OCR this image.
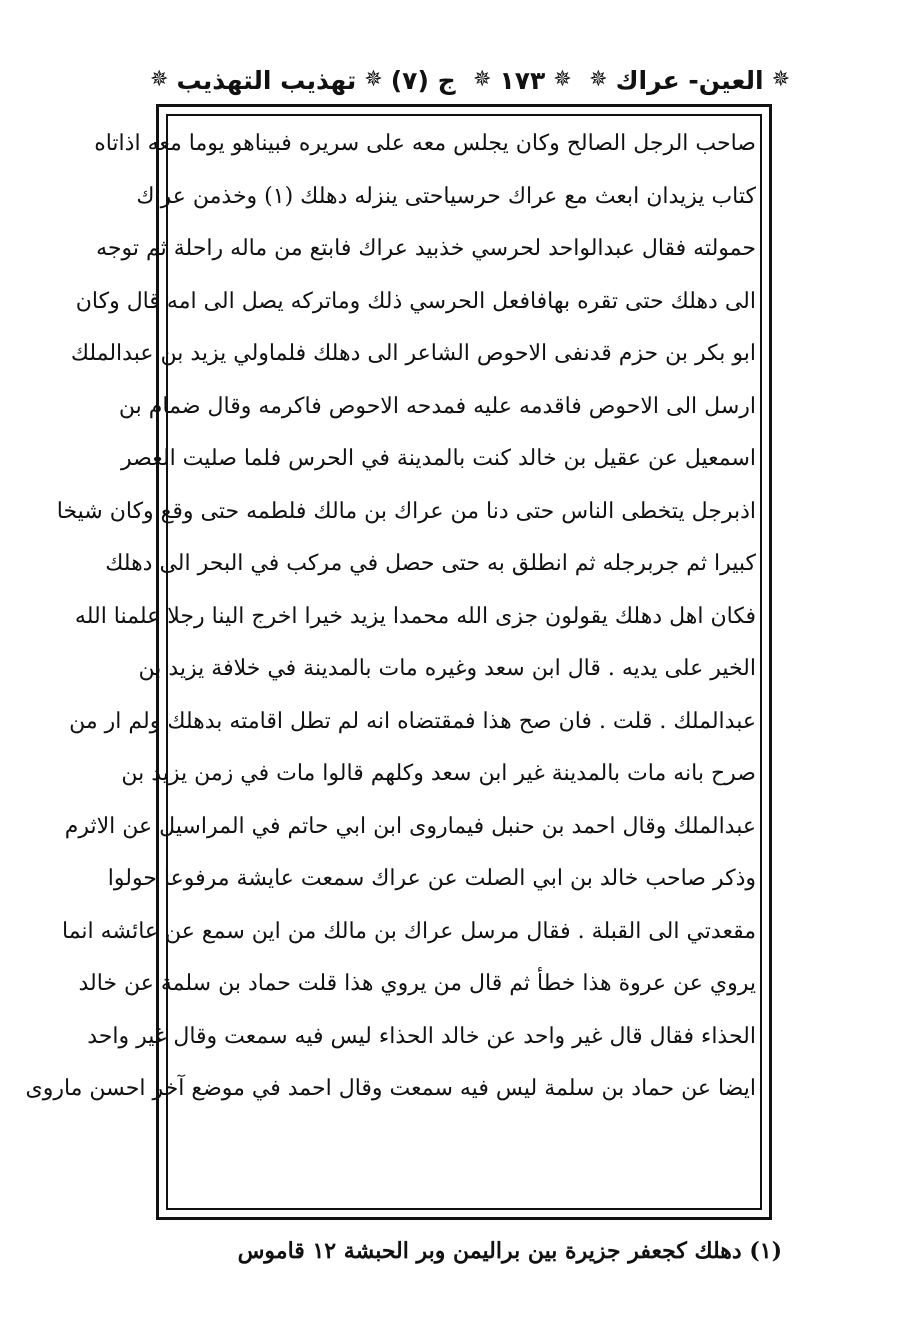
ج (٧)
✵
تهذيب التهذيب
✵	✵
١٧٣
✵	✵
العين- عراك
✵
صاحب الرجل الصالح وكان يجلس معه على سريره فبيناهو يوما معه اذاتاه
كتاب يزيدان ابعث مع عراك حرسياحتى ينزله دهلك (١) وخذمن عراك
حمولته فقال عبدالواحد لحرسي خذبيد عراك فابتع من ماله راحلة ثم توجه
الى دهلك حتى تقره بهافافعل الحرسي ذلك وماتركه يصل الى امه قال وكان
ابو بكر بن حزم قدنفى الاحوص الشاعر الى دهلك فلماولي يزيد بن عبدالملك
ارسل الى الاحوص فاقدمه عليه فمدحه الاحوص فاكرمه وقال ضمام بن
اسمعيل عن عقيل بن خالد كنت بالمدينة في الحرس فلما صليت العصر
اذبرجل يتخطى الناس حتى دنا من عراك بن مالك فلطمه حتى وقع وكان شيخا
كبيرا ثم جربرجله ثم انطلق به حتى حصل في مركب في البحر الى دهلك
فكان اهل دهلك يقولون جزى الله محمدا يزيد خيرا اخرج الينا رجلا علمنا الله
الخير على يديه . قال ابن سعد وغيره مات بالمدينة في خلافة يزيد بن
عبدالملك . قلت . فان صح هذا فمقتضاه انه لم تطل اقامته بدهلك ولم ار من
صرح بانه مات بالمدينة غير ابن سعد وكلهم قالوا مات في زمن يزيد بن
عبدالملك وقال احمد بن حنبل فيماروى ابن ابي حاتم في المراسيل عن الاثرم
وذكر صاحب خالد بن ابي الصلت عن عراك سمعت عايشة مرفوعا حولوا
مقعدتي الى القبلة . فقال مرسل عراك بن مالك من اين سمع عن عائشه انما
يروي عن عروة هذا خطأ ثم قال من يروي هذا قلت حماد بن سلمة عن خالد
الحذاء فقال قال غير واحد عن خالد الحذاء ليس فيه سمعت وقال غير واحد
ايضا عن حماد بن سلمة ليس فيه سمعت وقال احمد في موضع آخر احسن ماروى
(١) دهلك كجعفر جزيرة بين براليمن وبر الحبشة ١٢ قاموس
